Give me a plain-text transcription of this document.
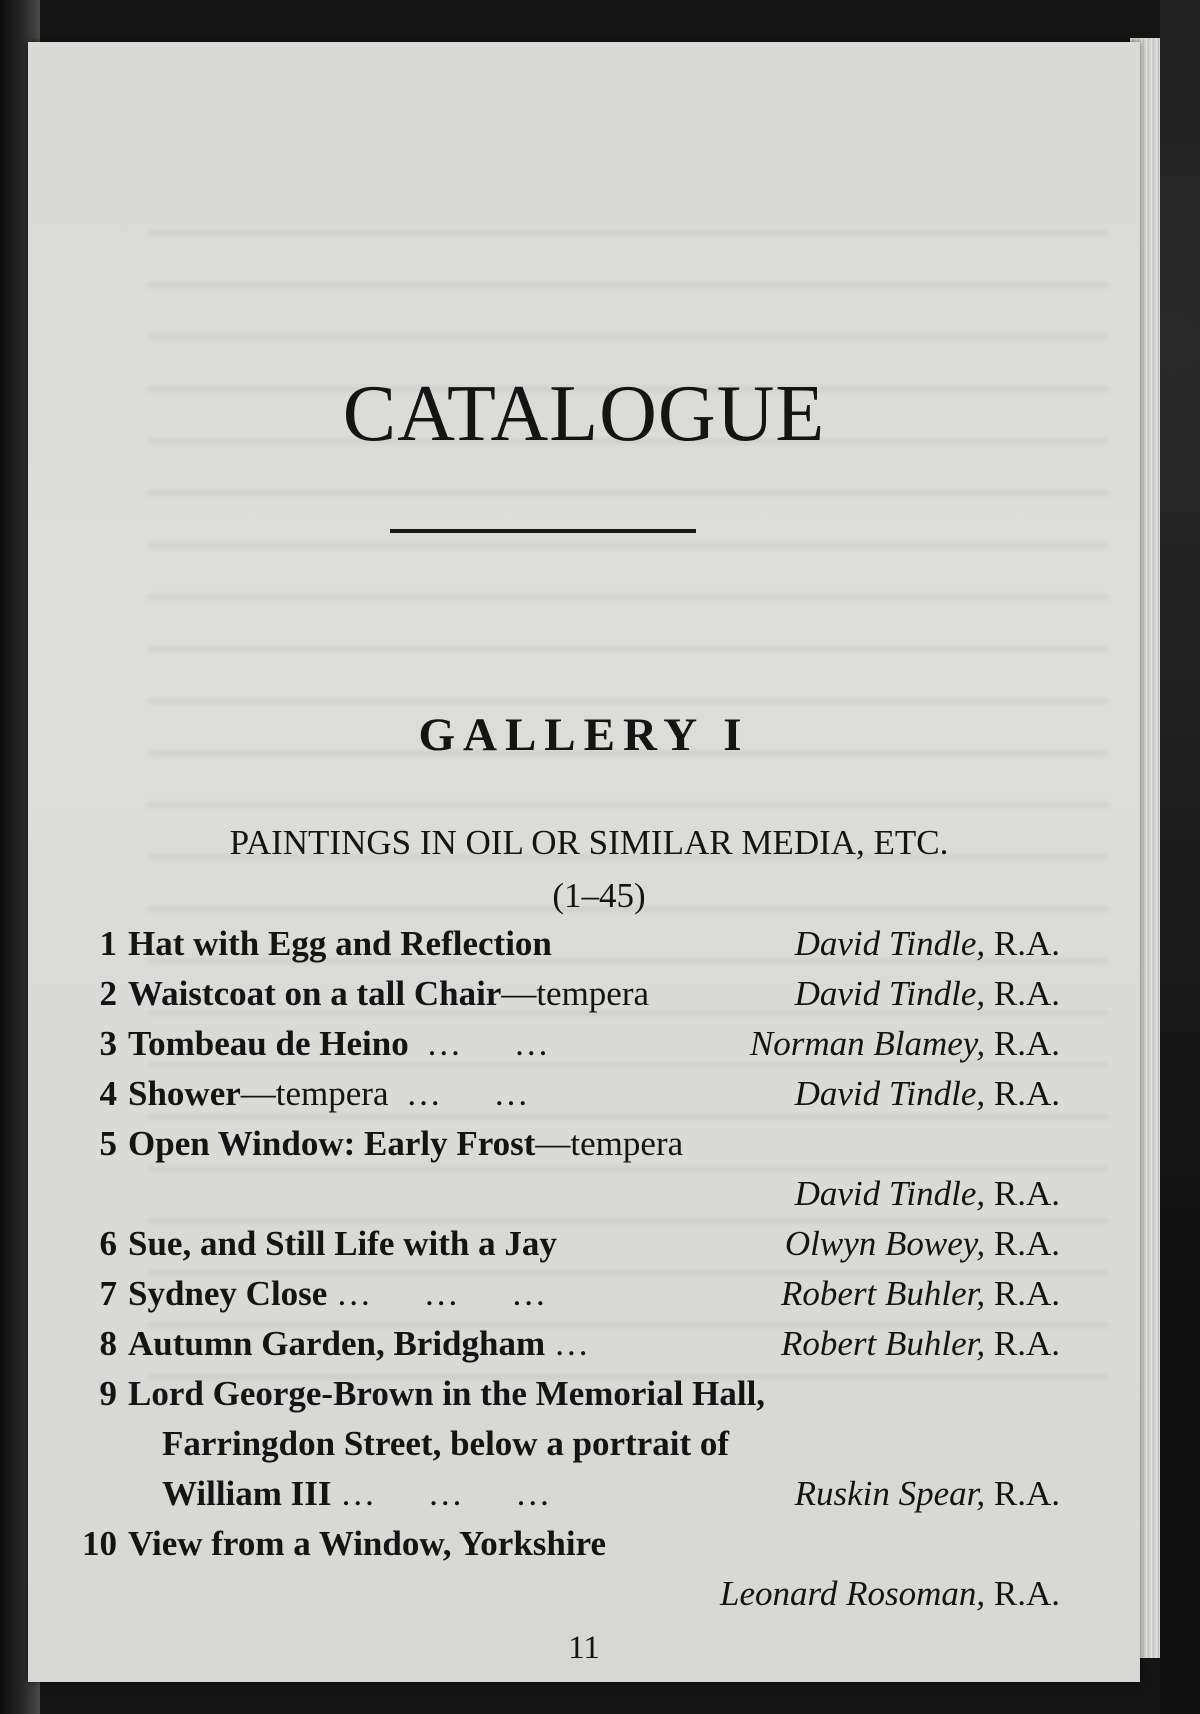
CATALOGUE
GALLERY I
PAINTINGS IN OIL OR SIMILAR MEDIA, ETC.
(1–45)
1 Hat with Egg and Reflection	David Tindle, R.A.
2 Waistcoat on a tall Chair—tempera	David Tindle, R.A.
3 Tombeau de Heino  …      …	Norman Blamey, R.A.
4 Shower—tempera  …      …	David Tindle, R.A.
5 Open Window: Early Frost—tempera
David Tindle, R.A.
6 Sue, and Still Life with a Jay	Olwyn Bowey, R.A.
7 Sydney Close …      …      …	Robert Buhler, R.A.
8 Autumn Garden, Bridgham …	Robert Buhler, R.A.
9 Lord George-Brown in the Memorial Hall,
Farringdon Street, below a portrait of
William III …      …      …	Ruskin Spear, R.A.
10 View from a Window, Yorkshire
Leonard Rosoman, R.A.
11
